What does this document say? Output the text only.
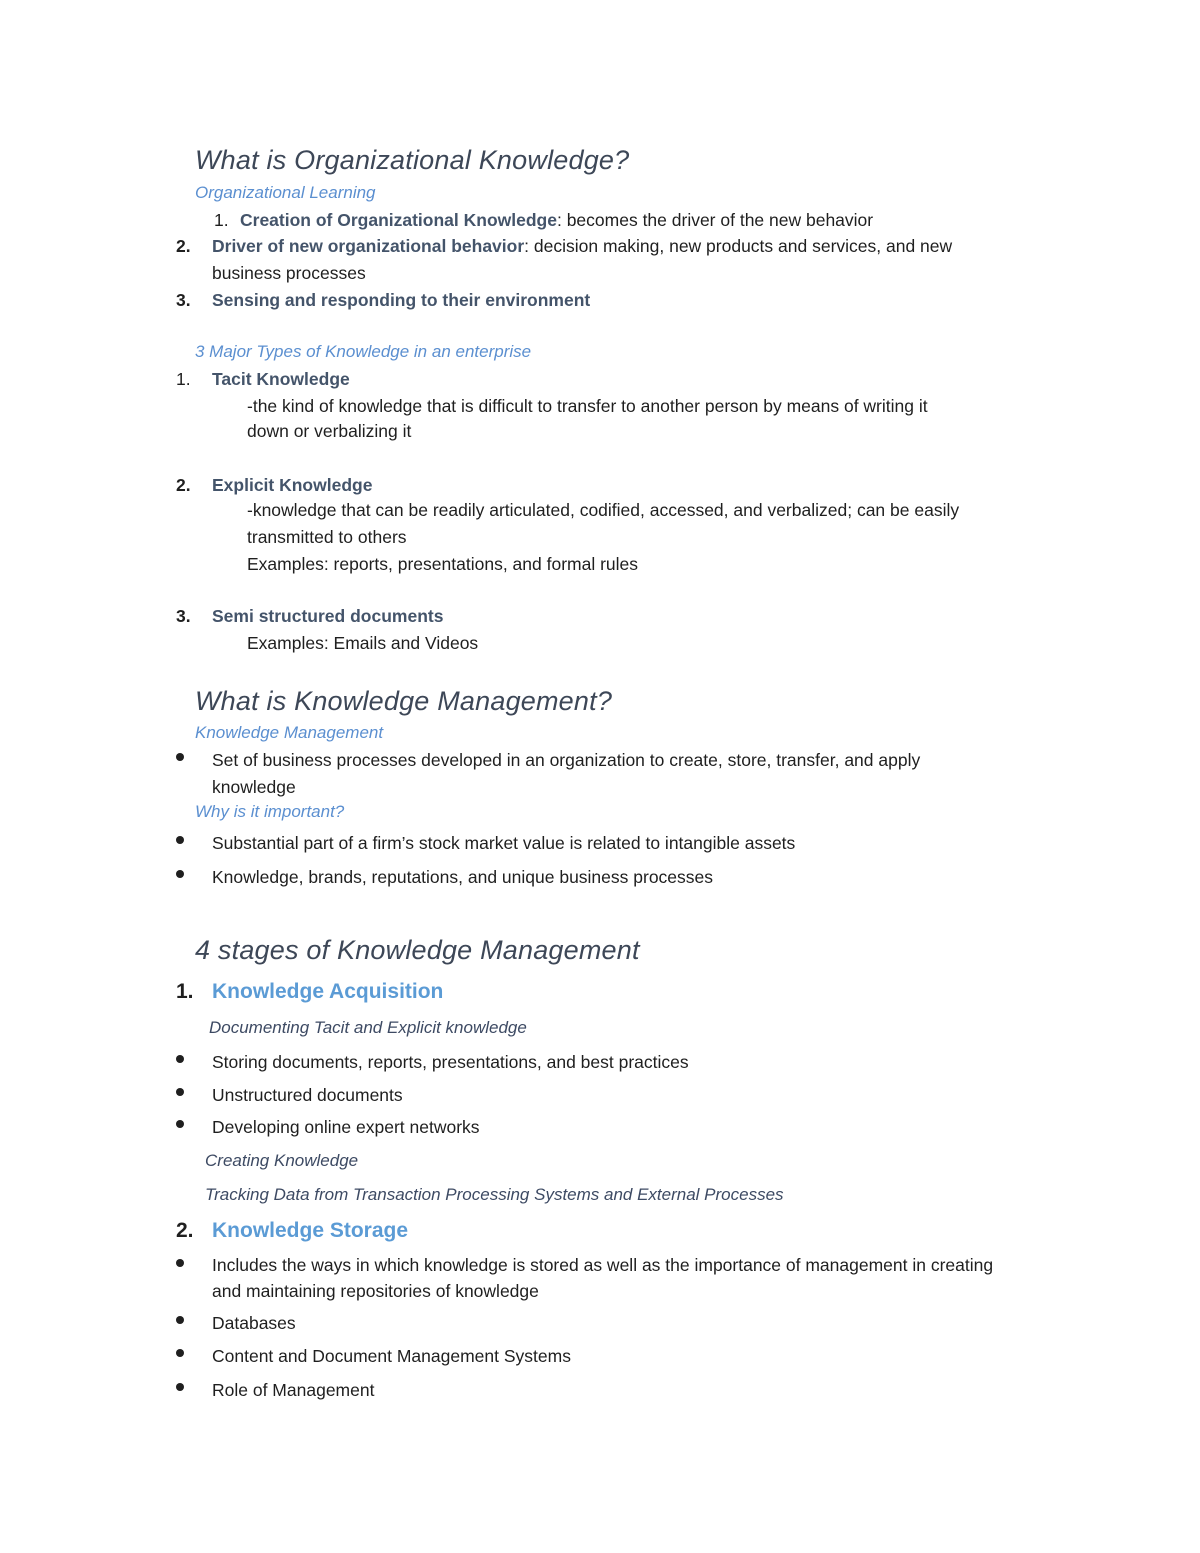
What is Organizational Knowledge?
Organizational Learning
1. Creation of Organizational Knowledge: becomes the driver of the new behavior
2. Driver of new organizational behavior: decision making, new products and services, and new
business processes
3. Sensing and responding to their environment
3 Major Types of Knowledge in an enterprise
1. Tacit Knowledge
-the kind of knowledge that is difficult to transfer to another person by means of writing it
down or verbalizing it
2. Explicit Knowledge
-knowledge that can be readily articulated, codified, accessed, and verbalized; can be easily
transmitted to others
Examples: reports, presentations, and formal rules
3. Semi structured documents
Examples: Emails and Videos
What is Knowledge Management?
Knowledge Management
Set of business processes developed in an organization to create, store, transfer, and apply
knowledge
Why is it important?
Substantial part of a firm’s stock market value is related to intangible assets
Knowledge, brands, reputations, and unique business processes
4 stages of Knowledge Management
1. Knowledge Acquisition
Documenting Tacit and Explicit knowledge
Storing documents, reports, presentations, and best practices
Unstructured documents
Developing online expert networks
Creating Knowledge
Tracking Data from Transaction Processing Systems and External Processes
2. Knowledge Storage
Includes the ways in which knowledge is stored as well as the importance of management in creating
and maintaining repositories of knowledge
Databases
Content and Document Management Systems
Role of Management
